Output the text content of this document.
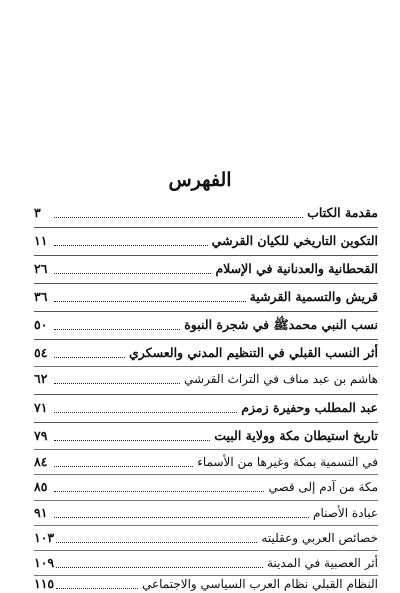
الفهرس
مقدمة الكتاب
٣
التكوين التاريخي للكيان القرشي
١١
القحطانية والعدنانية في الإسلام
٢٦
قريش والتسمية القرشية
٣٦
نسب النبي محمدﷺ في شجرة النبوة
٥٠
أثر النسب القبلي في التنظيم المدني والعسكري
٥٤
هاشم بن عبد مناف في التراث القرشي
٦٢
عبد المطلب وحفيرة زمزم
٧١
تاريخ استيطان مكة وولاية البيت
٧٩
في التسمية بمكة وغيرها من الأسماء
٨٤
مكة من آدم إلى قصي
٨٥
عبادة الأصنام
٩١
خصائص العربي وعقليته
١٠٣
أثر العصبية في المدينة
١٠٩
النظام القبلي نظام العرب السياسي والاجتماعي
١١٥
